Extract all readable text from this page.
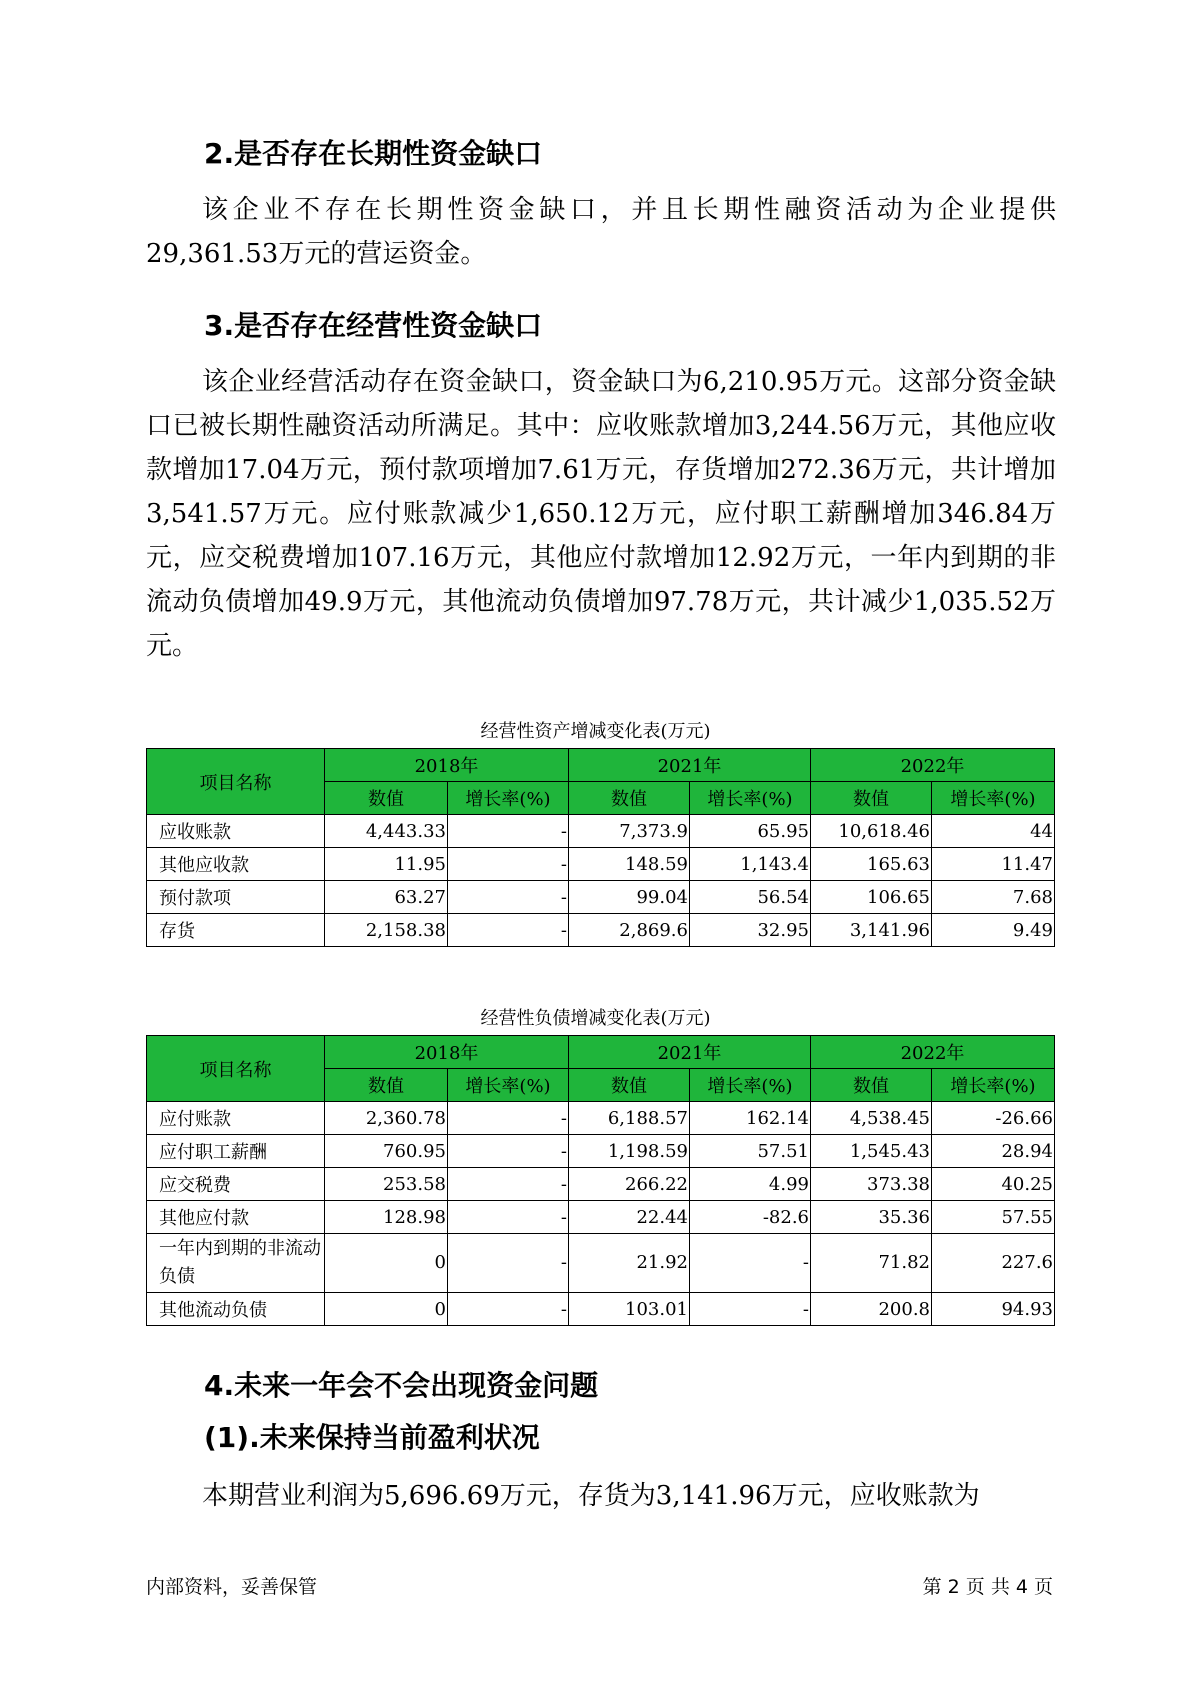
2.是否存在长期性资金缺口

该企业不存在长期性资金缺口，并且长期性融资活动为企业提供29,361.53万元的营运资金。

3.是否存在经营性资金缺口

该企业经营活动存在资金缺口，资金缺口为6,210.95万元。这部分资金缺口已被长期性融资活动所满足。其中：应收账款增加3,244.56万元，其他应收款增加17.04万元，预付款项增加7.61万元，存货增加272.36万元，共计增加3,541.57万元。应付账款减少1,650.12万元，应付职工薪酬增加346.84万元，应交税费增加107.16万元，其他应付款增加12.92万元，一年内到期的非流动负债增加49.9万元，其他流动负债增加97.78万元，共计减少1,035.52万元。

经营性资产增减变化表(万元)
项目名称	2018年		2021年		2022年	
	数值	增长率(%)	数值	增长率(%)	数值	增长率(%)
应收账款	4,443.33	-	7,373.9	65.95	10,618.46	44
其他应收款	11.95	-	148.59	1,143.4	165.63	11.47
预付款项	63.27	-	99.04	56.54	106.65	7.68
存货	2,158.38	-	2,869.6	32.95	3,141.96	9.49
经营性负债增减变化表(万元)
项目名称	2018年		2021年		2022年	
	数值	增长率(%)	数值	增长率(%)	数值	增长率(%)
应付账款	2,360.78	-	6,188.57	162.14	4,538.45	-26.66
应付职工薪酬	760.95	-	1,198.59	57.51	1,545.43	28.94
应交税费	253.58	-	266.22	4.99	373.38	40.25
其他应付款	128.98	-	22.44	-82.6	35.36	57.55
一年内到期的非流动负债	0	-	21.92	-	71.82	227.6
其他流动负债	0	-	103.01	-	200.8	94.93
4.未来一年会不会出现资金问题
(1).未来保持当前盈利状况

本期营业利润为5,696.69万元，存货为3,141.96万元，应收账款为

内部资料，妥善保管	第 2 页 共 4 页
